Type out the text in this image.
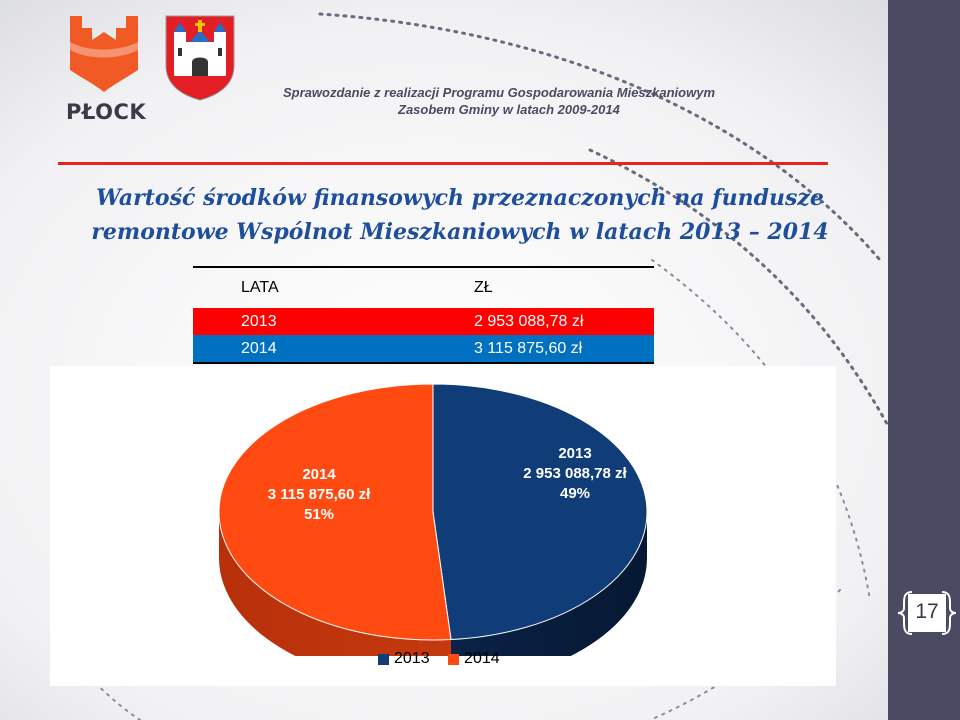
PŁOCK
Sprawozdanie z realizacji Programu Gospodarowania Mieszkaniowym
Zasobem Gminy w latach 2009-2014
Wartość środków finansowych przeznaczonych na fundusze
remontowe Wspólnot Mieszkaniowych w latach 2013 – 2014
LATA	ZŁ
2013	2 953 088,78 zł
2014	3 115 875,60 zł
2014
3 115 875,60 zł
51%
2013
2 953 088,78 zł
49%
2013
2014
17
